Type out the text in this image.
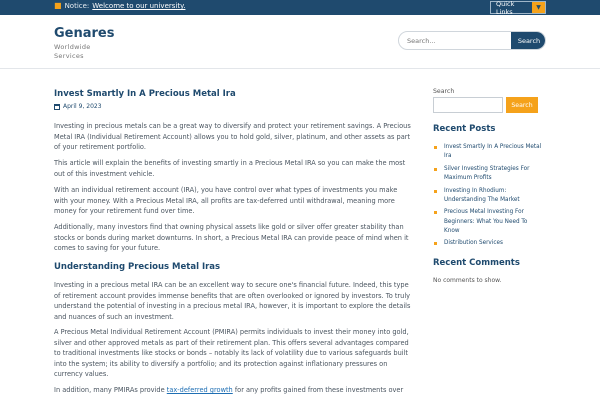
■ Notice: Welcome to our university.	Quick Links	▼
Genares
Worldwide Services
Search...
Search
Invest Smartly In A Precious Metal Ira
April 9, 2023
Investing in precious metals can be a great way to diversify and protect your retirement savings. A Precious Metal IRA (Individual Retirement Account) allows you to hold gold, silver, platinum, and other assets as part of your retirement portfolio.
This article will explain the benefits of investing smartly in a Precious Metal IRA so you can make the most out of this investment vehicle.
With an individual retirement account (IRA), you have control over what types of investments you make with your money. With a Precious Metal IRA, all profits are tax-deferred until withdrawal, meaning more money for your retirement fund over time.
Additionally, many investors find that owning physical assets like gold or silver offer greater stability than stocks or bonds during market downturns. In short, a Precious Metal IRA can provide peace of mind when it comes to saving for your future.
Understanding Precious Metal Iras
Investing in a precious metal IRA can be an excellent way to secure one's financial future. Indeed, this type of retirement account provides immense benefits that are often overlooked or ignored by investors. To truly understand the potential of investing in a precious metal IRA, however, it is important to explore the details and nuances of such an investment.
A Precious Metal Individual Retirement Account (PMIRA) permits individuals to invest their money into gold, silver and other approved metals as part of their retirement plan. This offers several advantages compared to traditional investments like stocks or bonds – notably its lack of volatility due to various safeguards built into the system; its ability to diversify a portfolio; and its protection against inflationary pressures on currency values.
In addition, many PMIRAs provide tax-deferred growth for any profits gained from these investments over
Search
Search
Recent Posts
Invest Smartly In A Precious Metal Ira
Silver Investing Strategies For Maximum Profits
Investing In Rhodium: Understanding The Market
Precious Metal Investing For Beginners: What You Need To Know
Distribution Services
Recent Comments
No comments to show.
